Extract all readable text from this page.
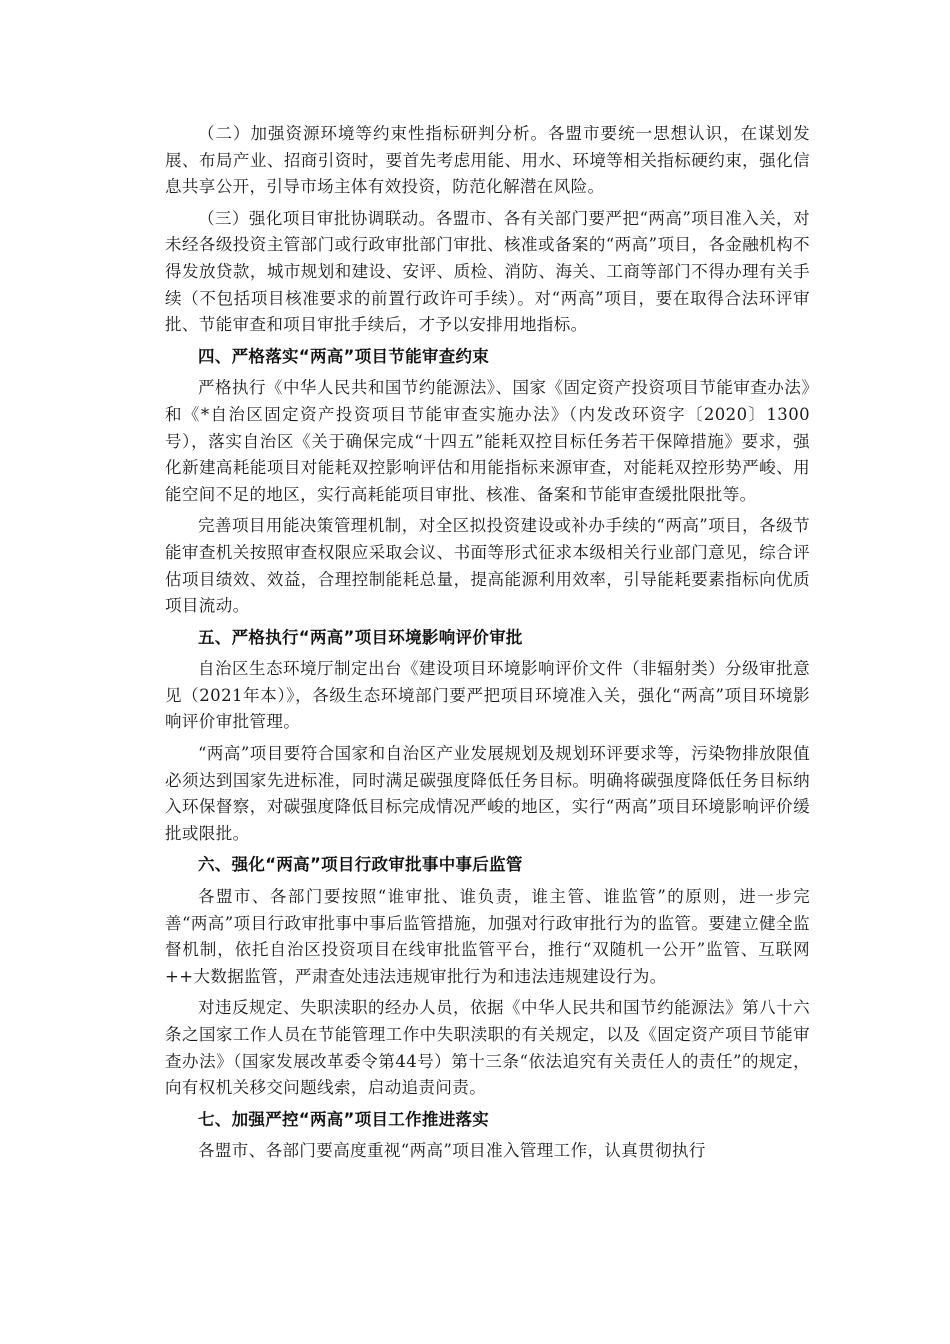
（二）加强资源环境等约束性指标研判分析。各盟市要统一思想认识，在谋划发展、布局产业、招商引资时，要首先考虑用能、用水、环境等相关指标硬约束，强化信息共享公开，引导市场主体有效投资，防范化解潜在风险。

（三）强化项目审批协调联动。各盟市、各有关部门要严把“两高”项目准入关，对未经各级投资主管部门或行政审批部门审批、核准或备案的“两高”项目，各金融机构不得发放贷款，城市规划和建设、安评、质检、消防、海关、工商等部门不得办理有关手续（不包括项目核准要求的前置行政许可手续）。对“两高”项目，要在取得合法环评审批、节能审查和项目审批手续后，才予以安排用地指标。

四、严格落实“两高”项目节能审查约束

严格执行《中华人民共和国节约能源法》、国家《固定资产投资项目节能审查办法》和《*自治区固定资产投资项目节能审查实施办法》（内发改环资字〔2020〕1300号），落实自治区《关于确保完成“十四五”能耗双控目标任务若干保障措施》要求，强化新建高耗能项目对能耗双控影响评估和用能指标来源审查，对能耗双控形势严峻、用能空间不足的地区，实行高耗能项目审批、核准、备案和节能审查缓批限批等。

完善项目用能决策管理机制，对全区拟投资建设或补办手续的“两高”项目，各级节能审查机关按照审查权限应采取会议、书面等形式征求本级相关行业部门意见，综合评估项目绩效、效益，合理控制能耗总量，提高能源利用效率，引导能耗要素指标向优质项目流动。

五、严格执行“两高”项目环境影响评价审批

自治区生态环境厅制定出台《建设项目环境影响评价文件（非辐射类）分级审批意见（2021年本）》，各级生态环境部门要严把项目环境准入关，强化“两高”项目环境影响评价审批管理。

“两高”项目要符合国家和自治区产业发展规划及规划环评要求等，污染物排放限值必须达到国家先进标准，同时满足碳强度降低任务目标。明确将碳强度降低任务目标纳入环保督察，对碳强度降低目标完成情况严峻的地区，实行“两高”项目环境影响评价缓批或限批。

六、强化“两高”项目行政审批事中事后监管

各盟市、各部门要按照“谁审批、谁负责，谁主管、谁监管”的原则，进一步完善“两高”项目行政审批事中事后监管措施，加强对行政审批行为的监管。要建立健全监督机制，依托自治区投资项目在线审批监管平台，推行“双随机一公开”监管、互联网++大数据监管，严肃查处违法违规审批行为和违法违规建设行为。

对违反规定、失职渎职的经办人员，依据《中华人民共和国节约能源法》第八十六条之国家工作人员在节能管理工作中失职渎职的有关规定，以及《固定资产项目节能审查办法》（国家发展改革委令第44号）第十三条“依法追究有关责任人的责任”的规定，向有权机关移交问题线索，启动追责问责。

七、加强严控“两高”项目工作推进落实

各盟市、各部门要高度重视“两高”项目准入管理工作，认真贯彻执行
